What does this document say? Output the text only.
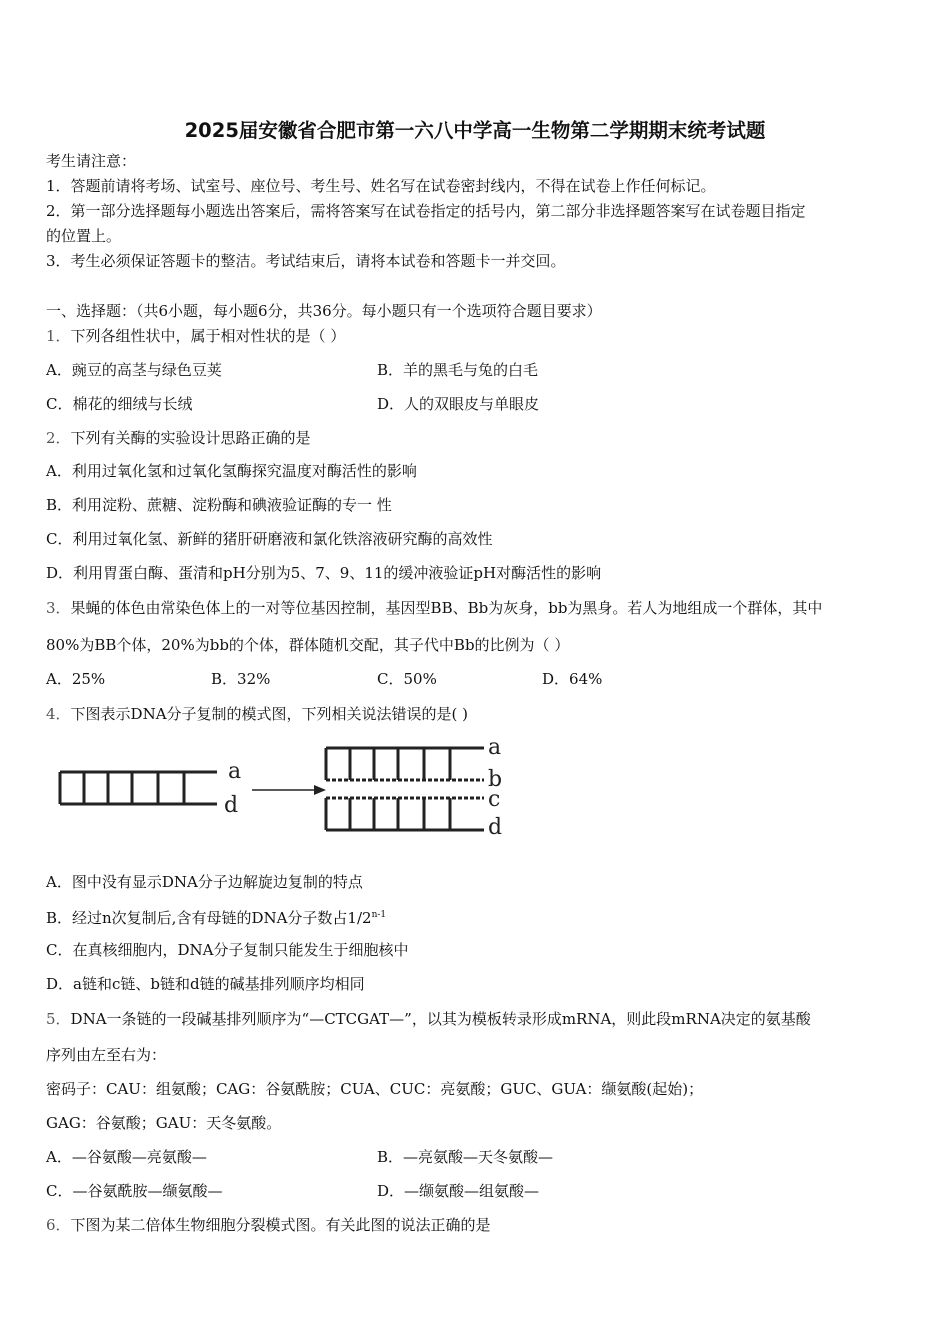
2025届安徽省合肥市第一六八中学高一生物第二学期期末统考试题
考生请注意：
1．答题前请将考场、试室号、座位号、考生号、姓名写在试卷密封线内，不得在试卷上作任何标记。
2．第一部分选择题每小题选出答案后，需将答案写在试卷指定的括号内，第二部分非选择题答案写在试卷题目指定
的位置上。
3．考生必须保证答题卡的整洁。考试结束后，请将本试卷和答题卡一并交回。
一、选择题：（共6小题，每小题6分，共36分。每小题只有一个选项符合题目要求）
1．下列各组性状中，属于相对性状的是（ ）
A．豌豆的高茎与绿色豆荚	B．羊的黑毛与兔的白毛
C．棉花的细绒与长绒	D．人的双眼皮与单眼皮
2．下列有关酶的实验设计思路正确的是
A．利用过氧化氢和过氧化氢酶探究温度对酶活性的影响
B．利用淀粉、蔗糖、淀粉酶和碘液验证酶的专一 性
C．利用过氧化氢、新鲜的猪肝研磨液和氯化铁溶液研究酶的高效性
D．利用胃蛋白酶、蛋清和pH分别为5、7、9、11的缓冲液验证pH对酶活性的影响
3．果蝇的体色由常染色体上的一对等位基因控制，基因型BB、Bb为灰身，bb为黑身。若人为地组成一个群体，其中
80%为BB个体，20%为bb的个体，群体随机交配，其子代中Bb的比例为（ ）
A．25%	B．32%	C．50%	D．64%
4．下图表示DNA分子复制的模式图，下列相关说法错误的是( )
a
d
a
b
c
d
A．图中没有显示DNA分子边解旋边复制的特点
B．经过n次复制后,含有母链的DNA分子数占1/2$^{n-1}$
C．在真核细胞内，DNA分子复制只能发生于细胞核中
D．a链和c链、b链和d链的碱基排列顺序均相同
5．DNA一条链的一段碱基排列顺序为“—CTCGAT—”，以其为模板转录形成mRNA，则此段mRNA决定的氨基酸
序列由左至右为：
密码子：CAU：组氨酸；CAG：谷氨酰胺；CUA、CUC：亮氨酸；GUC、GUA：缬氨酸(起始)；
GAG：谷氨酸；GAU：天冬氨酸。
A．—谷氨酸—亮氨酸—	B．—亮氨酸—天冬氨酸—
C．—谷氨酰胺—缬氨酸—	D．—缬氨酸—组氨酸—
6．下图为某二倍体生物细胞分裂模式图。有关此图的说法正确的是
